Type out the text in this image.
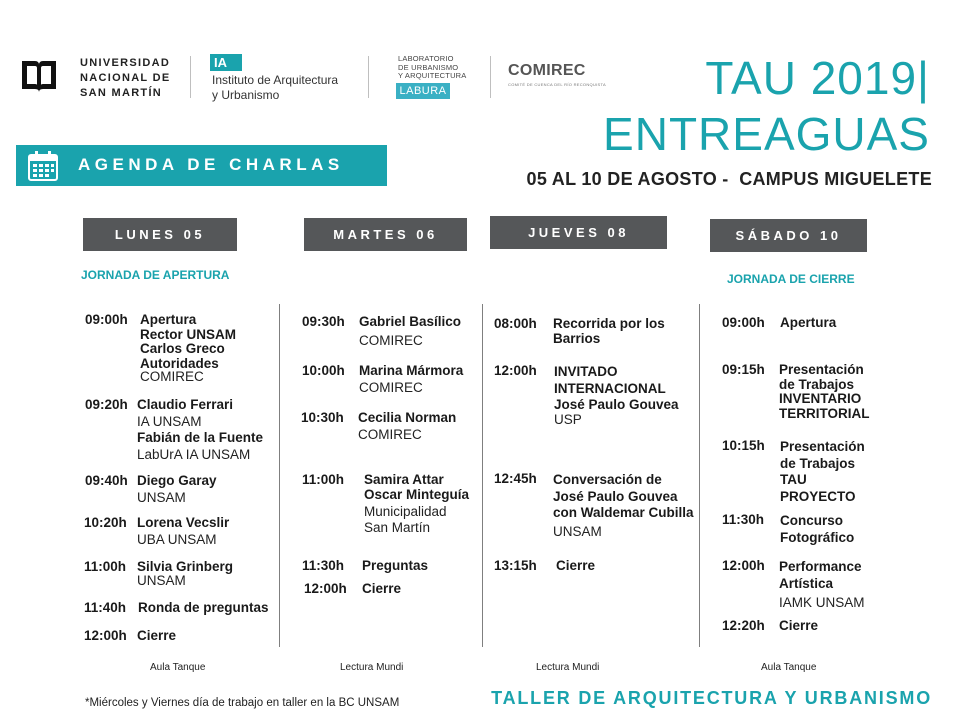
UNIVERSIDAD
NACIONAL DE
SAN MARTÍN
IA
Instituto de Arquitectura
y Urbanismo
LABORATORIO
DE URBANISMO
Y ARQUITECTURA
LABURA
COMIREC
COMITÉ DE CUENCA DEL RÍO RECONQUISTA	TAU 2019|
ENTREAGUAS
05 AL 10 DE AGOSTO -  CAMPUS MIGUELETE
AGENDA DE CHARLAS
LUNES 05	MARTES 06	JUEVES 08	SÁBADO 10
JORNADA DE APERTURA	JORNADA DE CIERRE
09:00h Apertura
Rector UNSAM
Carlos Greco
Autoridades
COMIREC
09:20h Claudio Ferrari
IA UNSAM
Fabián de la Fuente
LabUrA IA UNSAM
09:40h Diego Garay
UNSAM
10:20h Lorena Vecslir
UBA UNSAM
11:00h Silvia Grinberg
UNSAM
11:40h Ronda de preguntas
12:00h Cierre
09:30h Gabriel Basílico
COMIREC
10:00h Marina Mármora
COMIREC
10:30h Cecilia Norman
COMIREC
11:00h Samira Attar
Oscar Minteguía
Municipalidad
San Martín
11:30h Preguntas
12:00h Cierre
08:00h Recorrida por los
Barrios
12:00h INVITADO
INTERNACIONAL
José Paulo Gouvea
USP
12:45h Conversación de
José Paulo Gouvea
con Waldemar Cubilla
UNSAM
13:15h Cierre
09:00h Apertura
09:15h Presentación
de Trabajos
INVENTARIO
TERRITORIAL
10:15h Presentación
de Trabajos
TAU
PROYECTO
11:30h Concurso
Fotográfico
12:00h Performance
Artística
IAMK UNSAM
12:20h Cierre
Aula Tanque	Lectura Mundi	Lectura Mundi	Aula Tanque
*Miércoles y Viernes día de trabajo en taller en la BC UNSAM	TALLER DE ARQUITECTURA Y URBANISMO
